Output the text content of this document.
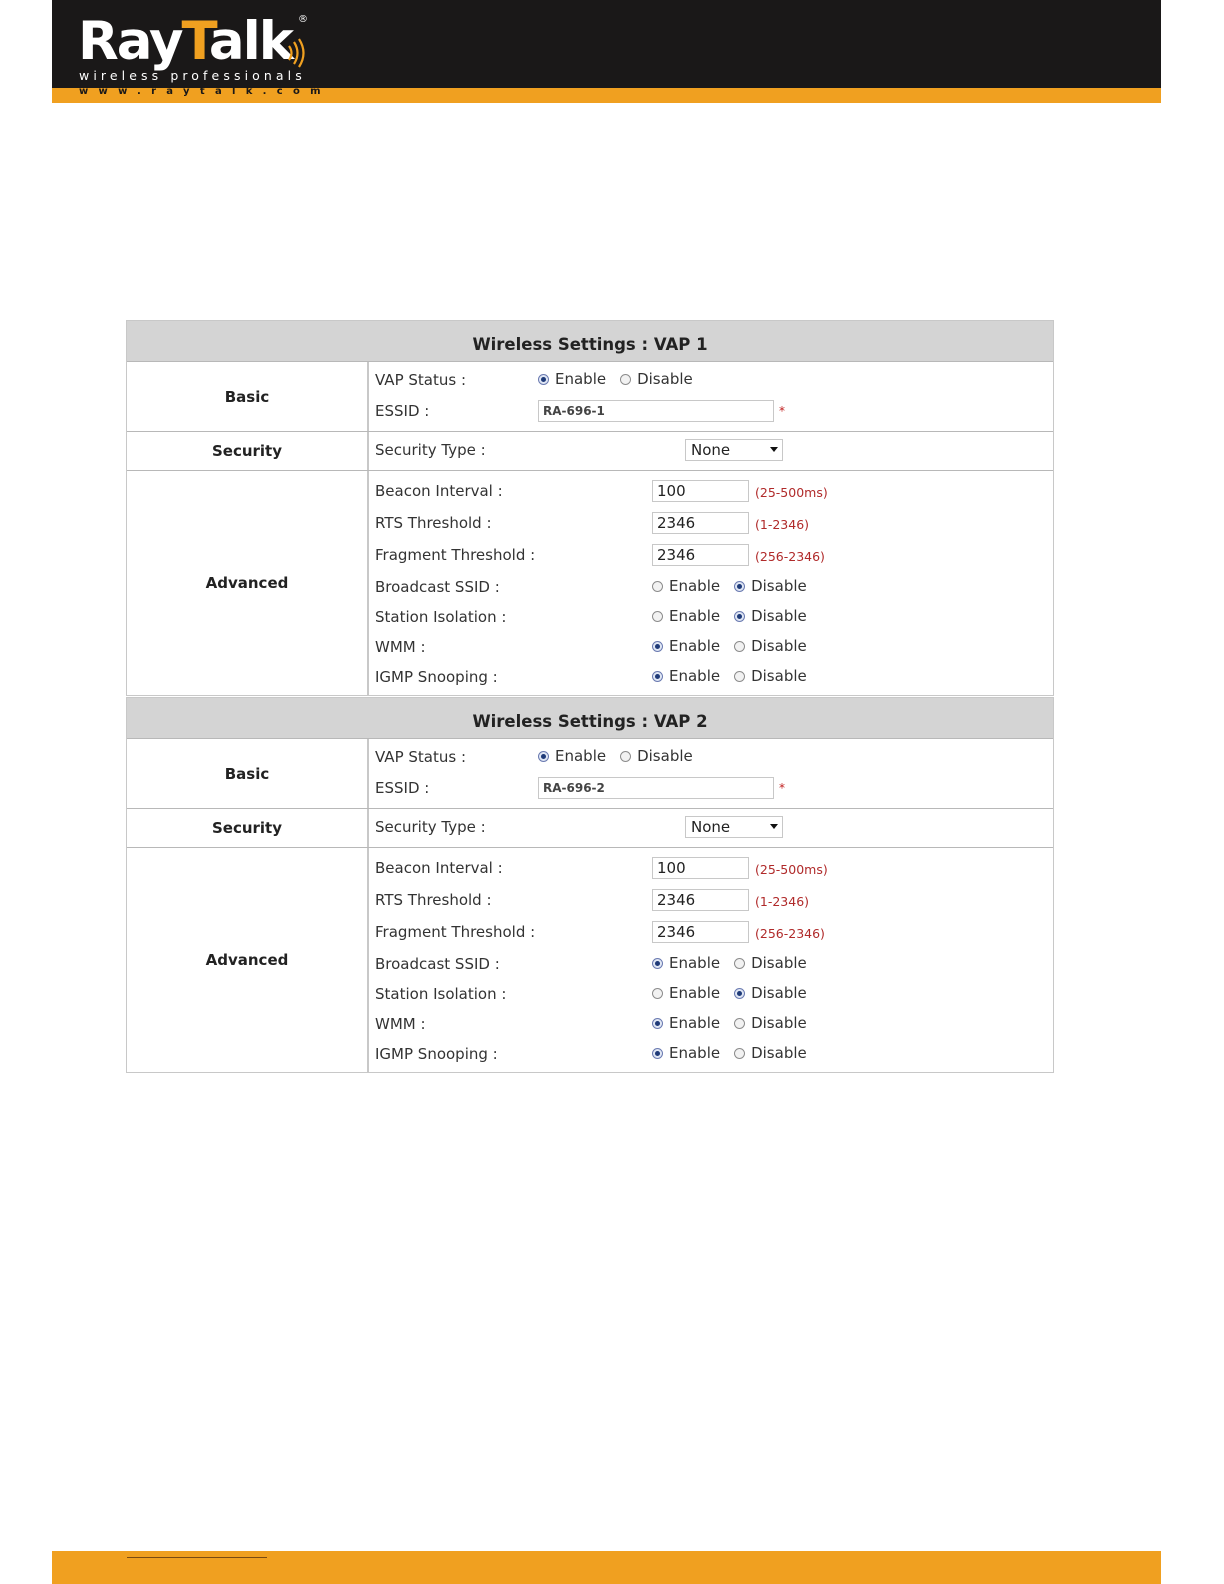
RayTalk ®
wireless professionals
www.raytalk.com
Wireless Settings : VAP 1
Basic
VAP Status :	Enable Disable
ESSID :	RA-696-1	*
Security	Security Type :	None
Advanced
Beacon Interval :	100	(25-500ms)
RTS Threshold :	2346	(1-2346)
Fragment Threshold :	2346	(256-2346)
Broadcast SSID :	Enable Disable
Station Isolation :	Enable Disable
WMM :	Enable Disable
IGMP Snooping :	Enable Disable
Wireless Settings : VAP 2
Basic
VAP Status :	Enable Disable
ESSID :	RA-696-2	*
Security	Security Type :	None
Advanced
Beacon Interval :	100	(25-500ms)
RTS Threshold :	2346	(1-2346)
Fragment Threshold :	2346	(256-2346)
Broadcast SSID :	Enable Disable
Station Isolation :	Enable Disable
WMM :	Enable Disable
IGMP Snooping :	Enable Disable
